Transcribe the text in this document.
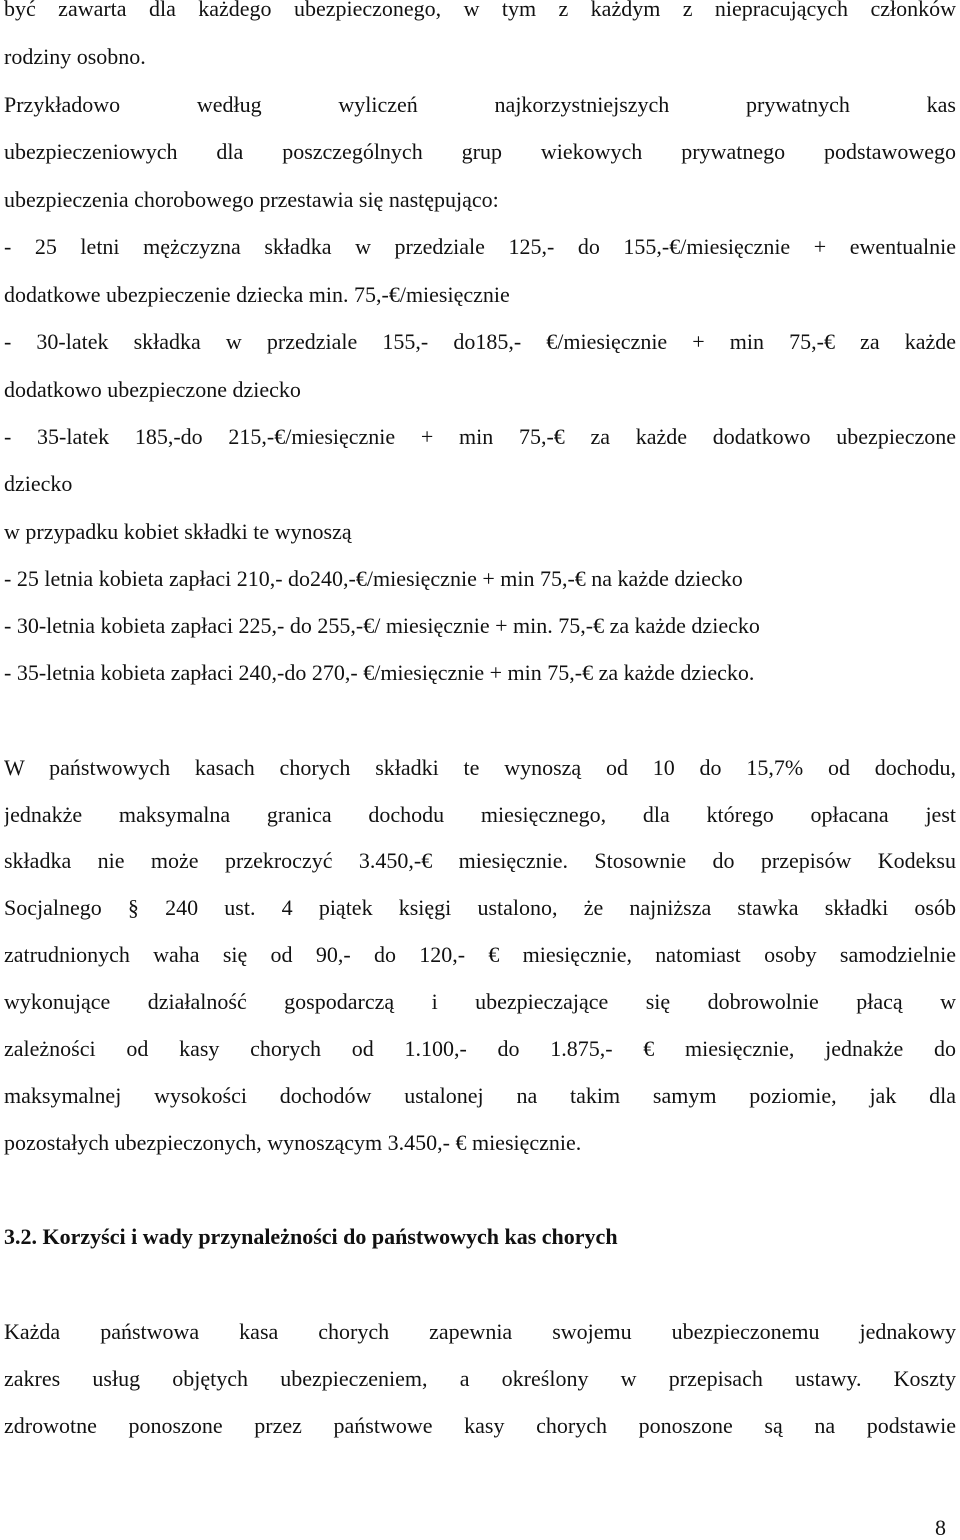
być zawarta dla każdego ubezpieczonego, w tym z każdym z niepracujących członków
rodziny osobno.
Przykładowo według wyliczeń najkorzystniejszych prywatnych kas
ubezpieczeniowych dla poszczególnych grup wiekowych prywatnego podstawowego
ubezpieczenia chorobowego przestawia się następująco:
- 25 letni mężczyzna składka w przedziale 125,- do 155,-€/miesięcznie + ewentualnie
dodatkowe ubezpieczenie dziecka min. 75,-€/miesięcznie
- 30-latek składka w przedziale 155,- do185,- €/miesięcznie + min 75,-€ za każde
dodatkowo ubezpieczone dziecko
- 35-latek 185,-do 215,-€/miesięcznie + min 75,-€ za każde dodatkowo ubezpieczone
dziecko
w przypadku kobiet składki te wynoszą
- 25 letnia kobieta zapłaci 210,- do240,-€/miesięcznie + min 75,-€ na każde dziecko
- 30-letnia kobieta zapłaci 225,- do 255,-€/ miesięcznie + min. 75,-€ za każde dziecko
- 35-letnia kobieta zapłaci 240,-do 270,- €/miesięcznie + min 75,-€ za każde dziecko.
W państwowych kasach chorych składki te wynoszą od 10 do 15,7% od dochodu,
jednakże maksymalna granica dochodu miesięcznego, dla którego opłacana jest
składka nie może przekroczyć 3.450,-€ miesięcznie. Stosownie do przepisów Kodeksu
Socjalnego § 240 ust. 4 piątek księgi ustalono, że najniższa stawka składki osób
zatrudnionych waha się od 90,- do 120,- € miesięcznie, natomiast osoby samodzielnie
wykonujące działalność gospodarczą i ubezpieczające się dobrowolnie płacą w
zależności od kasy chorych od 1.100,- do 1.875,- € miesięcznie, jednakże do
maksymalnej wysokości dochodów ustalonej na takim samym poziomie, jak dla
pozostałych ubezpieczonych, wynoszącym 3.450,- € miesięcznie.
3.2. Korzyści i wady przynależności do państwowych kas chorych
Każda państwowa kasa chorych zapewnia swojemu ubezpieczonemu jednakowy
zakres usług objętych ubezpieczeniem, a określony w przepisach ustawy. Koszty
zdrowotne ponoszone przez państwowe kasy chorych ponoszone są na podstawie
8
